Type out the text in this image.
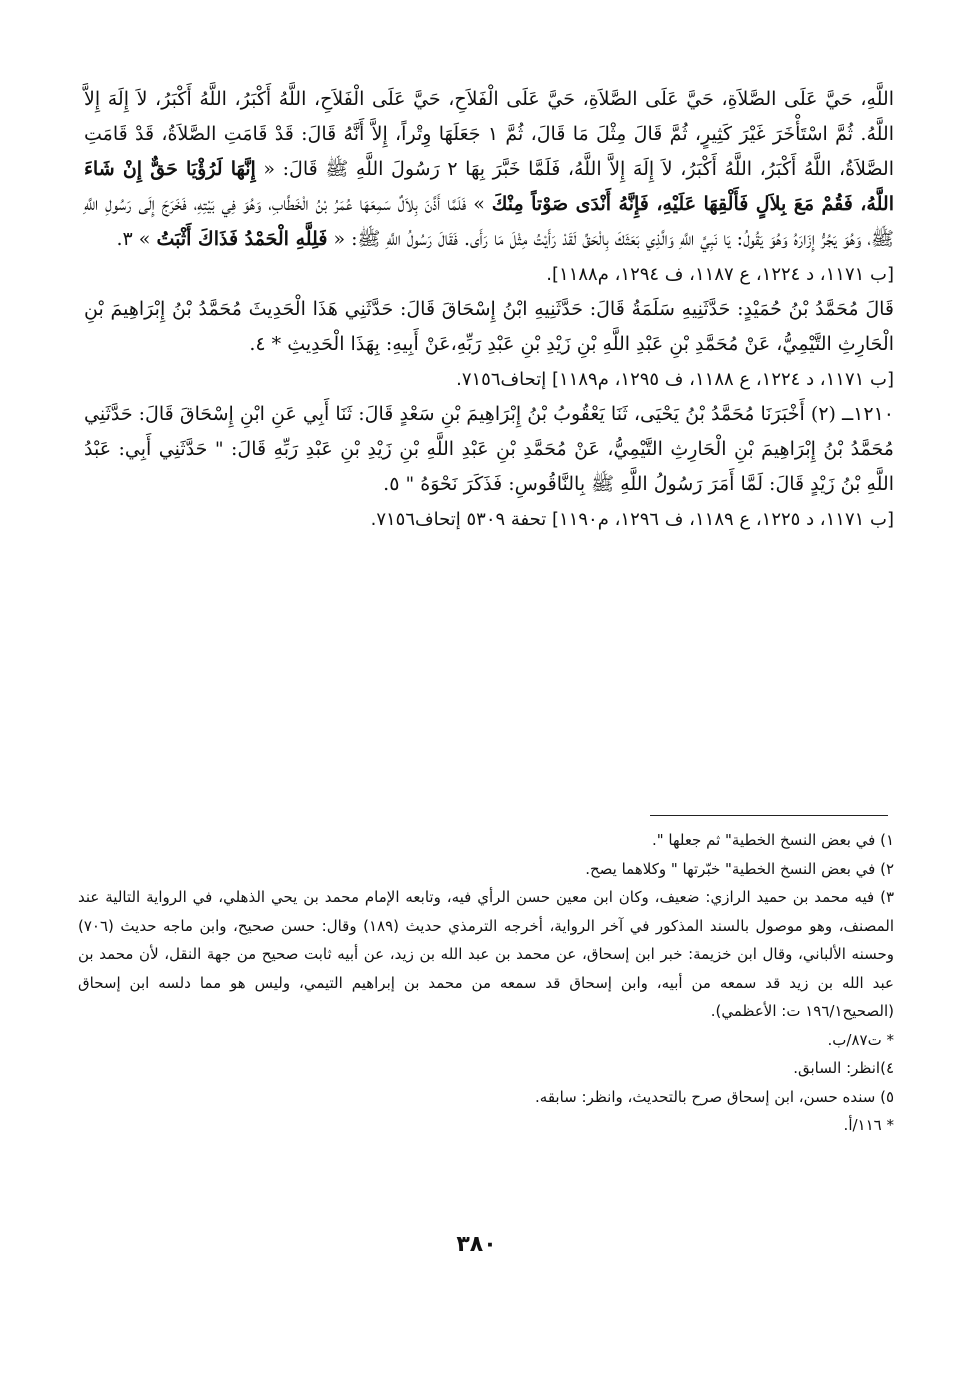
اللَّهِ، حَيَّ عَلَى الصَّلاَةِ، حَيَّ عَلَى الصَّلاَةِ، حَيَّ عَلَى الْفَلاَحِ، حَيَّ عَلَى الْفَلاَحِ، اللَّهُ أَكْبَرُ، اللَّهُ أَكْبَرُ، لاَ إِلَهَ إِلاَّ اللَّهُ. ثُمَّ اسْتَأْخَرَ غَيْرَ كَثِيرٍ، ثُمَّ قَالَ مِثْلَ مَا قَالَ، ثُمَّ ١ جَعَلَهَا وِتْراً، إِلاَّ أَنَّهُ قَالَ: قَدْ قَامَتِ الصَّلاَةُ، قَدْ قَامَتِ الصَّلاَةُ، اللَّهُ أَكْبَرُ، اللَّهُ أَكْبَرُ، لاَ إِلَهَ إِلاَّ اللَّهُ، فَلَمَّا خَبَّرَ بِهَا ٢ رَسُولَ اللَّهِ ﷺ قَالَ: « إِنَّهَا لَرُؤْيَا حَقٌّ إِنْ شَاءَ اللَّهُ، فَقُمْ مَعَ بِلاَلٍ فَأَلْقِهَا عَلَيْهِ، فَإِنَّهُ أَنْدَى صَوْتاً مِنْكَ » فَلَمَّا أَذَّنَ بِلاَلٌ سَمِعَهَا عُمَرُ بْنُ الْخَطَّابِ، وَهُوَ فِي بَيْتِهِ، فَخَرَجَ إِلَى رَسُولِ اللَّهِ ﷺ، وَهُوَ يَجُرُّ إِزَارَهُ وَهُوَ يَقُولُ: يَا نَبِيَّ اللَّهِ وَالَّذِي بَعَثَكَ بِالْحَقِّ لَقَدْ رَأَيْتُ مِثْلَ مَا رَأَى. فَقَالَ رَسُولُ اللَّهِ ﷺ: « فَلِلَّهِ الْحَمْدُ فَذَاكَ أَثْبَتُ » ٣.

[ب ١١٧١، د ١٢٢٤، ع ١١٨٧، ف ١٢٩٤، م١١٨٨].

قَالَ مُحَمَّدُ بْنُ حُمَيْدٍ: حَدَّثَنِيهِ سَلَمَةُ قَالَ: حَدَّثَنِيهِ ابْنُ إِسْحَاقَ قَالَ: حَدَّثَنِي هَذَا الْحَدِيثَ مُحَمَّدُ بْنُ إِبْرَاهِيمَ بْنِ الْحَارِثِ التَّيْمِيُّ، عَنْ مُحَمَّدِ بْنِ عَبْدِ اللَّهِ بْنِ زَيْدِ بْنِ عَبْدِ رَبِّهِ،عَنْ أَبِيهِ: بِهَذَا الْحَدِيثِ * ٤.

[ب ١١٧١، د ١٢٢٤، ع ١١٨٨، ف ١٢٩٥، م١١٨٩] إتحاف٧١٥٦.

١٢١٠ــ (٢) أَخْبَرَنَا مُحَمَّدُ بْنُ يَحْيَى، ثَنَا يَعْقُوبُ بْنُ إِبْرَاهِيمَ بْنِ سَعْدٍ قَالَ: ثَنَا أَبِي عَنِ ابْنِ إِسْحَاقَ قَالَ: حَدَّثَنِي مُحَمَّدُ بْنُ إِبْرَاهِيمَ بْنِ الْحَارِثِ التَّيْمِيُّ، عَنْ مُحَمَّدِ بْنِ عَبْدِ اللَّهِ بْنِ زَيْدِ بْنِ عَبْدِ رَبِّهِ قَالَ: " حَدَّثَنِي أَبِي: عَبْدُ اللَّهِ بْنُ زَيْدٍ قَالَ: لَمَّا أَمَرَ رَسُولُ اللَّهِ ﷺ بِالنَّاقُوسِ: فَذَكَرَ نَحْوَهُ " ٥.

[ب ١١٧١، د ١٢٢٥، ع ١١٨٩، ف ١٢٩٦، م١١٩٠] تحفة ٥٣٠٩ إتحاف٧١٥٦.

١) في بعض النسخ الخطية" ثم جعلها ".

٢) في بعض النسخ الخطية" خبّرتها " وكلاهما يصح.

٣) فيه محمد بن حميد الرازي: ضعيف، وكان ابن معين حسن الرأي فيه، وتابعه الإمام محمد بن يحي الذهلي، في الرواية التالية عند المصنف، وهو موصول بالسند المذكور في آخر الرواية، أخرجه الترمذي حديث (١٨٩) وقال: حسن صحيح، وابن ماجه حديث (٧٠٦) وحسنه الألباني، وقال ابن خزيمة: خبر ابن إسحاق، عن محمد بن عبد الله بن زيد، عن أبيه ثابت صحيح من جهة النقل، لأن محمد بن عبد الله بن زيد قد سمعه من أبيه، وابن إسحاق قد سمعه من محمد بن إبراهيم التيمي، وليس هو مما دلسه ابن إسحاق (الصحيح١٩٦/١ ت: الأعظمي).

* ت٨٧/ب.

٤)انظر: السابق.

٥) سنده حسن، ابن إسحاق صرح بالتحديث، وانظر: سابقه.

* ١١٦/أ.

٣٨٠
